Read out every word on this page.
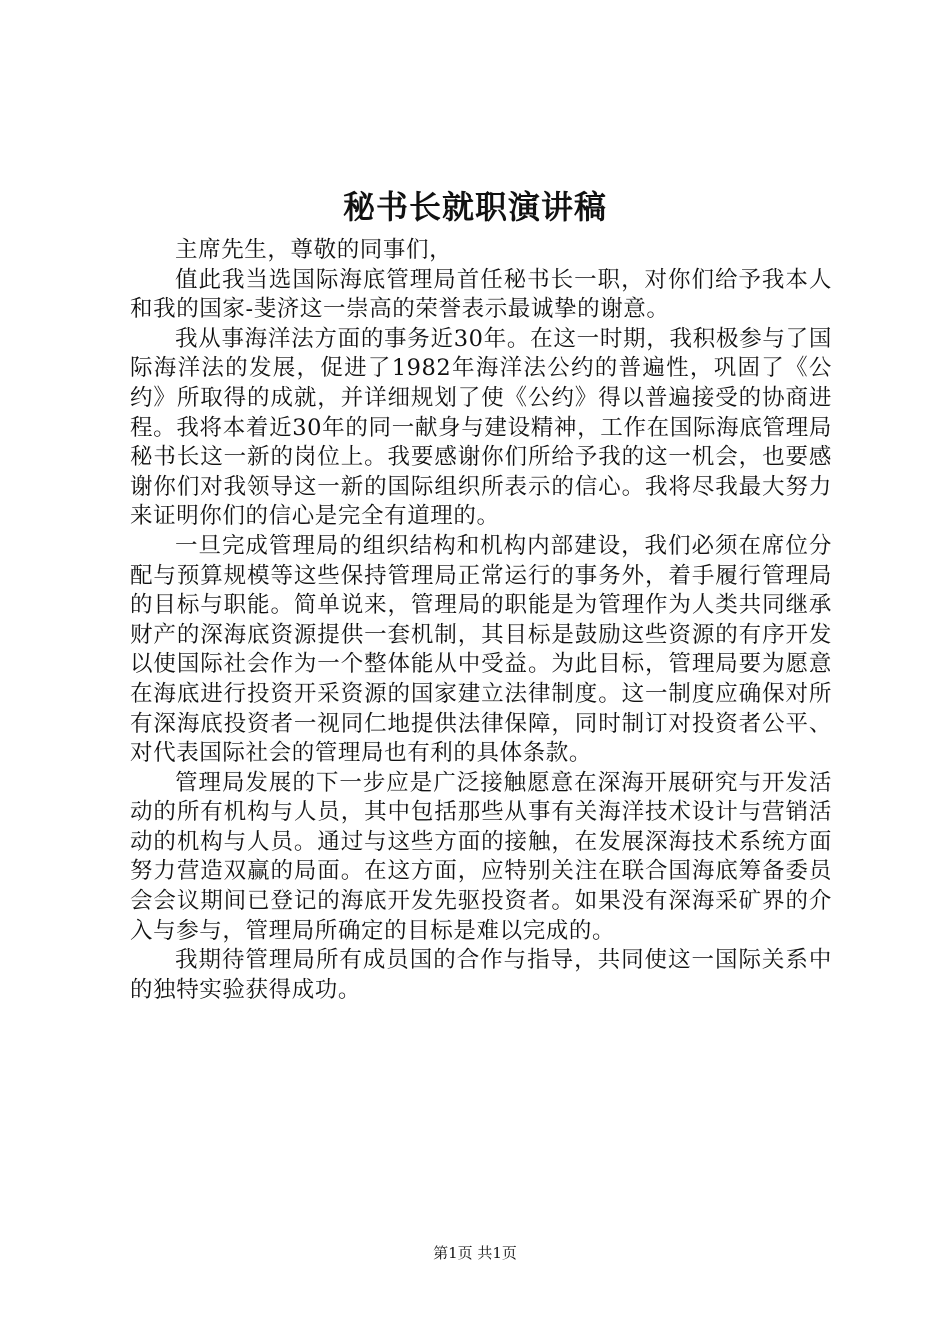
秘书长就职演讲稿

主席先生，尊敬的同事们，

值此我当选国际海底管理局首任秘书长一职，对你们给予我本人和我的国家-斐济这一崇高的荣誉表示最诚挚的谢意。

我从事海洋法方面的事务近30年。在这一时期，我积极参与了国际海洋法的发展，促进了1982年海洋法公约的普遍性，巩固了《公约》所取得的成就，并详细规划了使《公约》得以普遍接受的协商进程。我将本着近30年的同一献身与建设精神，工作在国际海底管理局秘书长这一新的岗位上。我要感谢你们所给予我的这一机会，也要感谢你们对我领导这一新的国际组织所表示的信心。我将尽我最大努力来证明你们的信心是完全有道理的。

一旦完成管理局的组织结构和机构内部建设，我们必须在席位分配与预算规模等这些保持管理局正常运行的事务外，着手履行管理局的目标与职能。简单说来，管理局的职能是为管理作为人类共同继承财产的深海底资源提供一套机制，其目标是鼓励这些资源的有序开发以使国际社会作为一个整体能从中受益。为此目标，管理局要为愿意在海底进行投资开采资源的国家建立法律制度。这一制度应确保对所有深海底投资者一视同仁地提供法律保障，同时制订对投资者公平、对代表国际社会的管理局也有利的具体条款。

管理局发展的下一步应是广泛接触愿意在深海开展研究与开发活动的所有机构与人员，其中包括那些从事有关海洋技术设计与营销活动的机构与人员。通过与这些方面的接触，在发展深海技术系统方面努力营造双赢的局面。在这方面，应特别关注在联合国海底筹备委员会会议期间已登记的海底开发先驱投资者。如果没有深海采矿界的介入与参与，管理局所确定的目标是难以完成的。

我期待管理局所有成员国的合作与指导，共同使这一国际关系中的独特实验获得成功。

第1页 共1页
